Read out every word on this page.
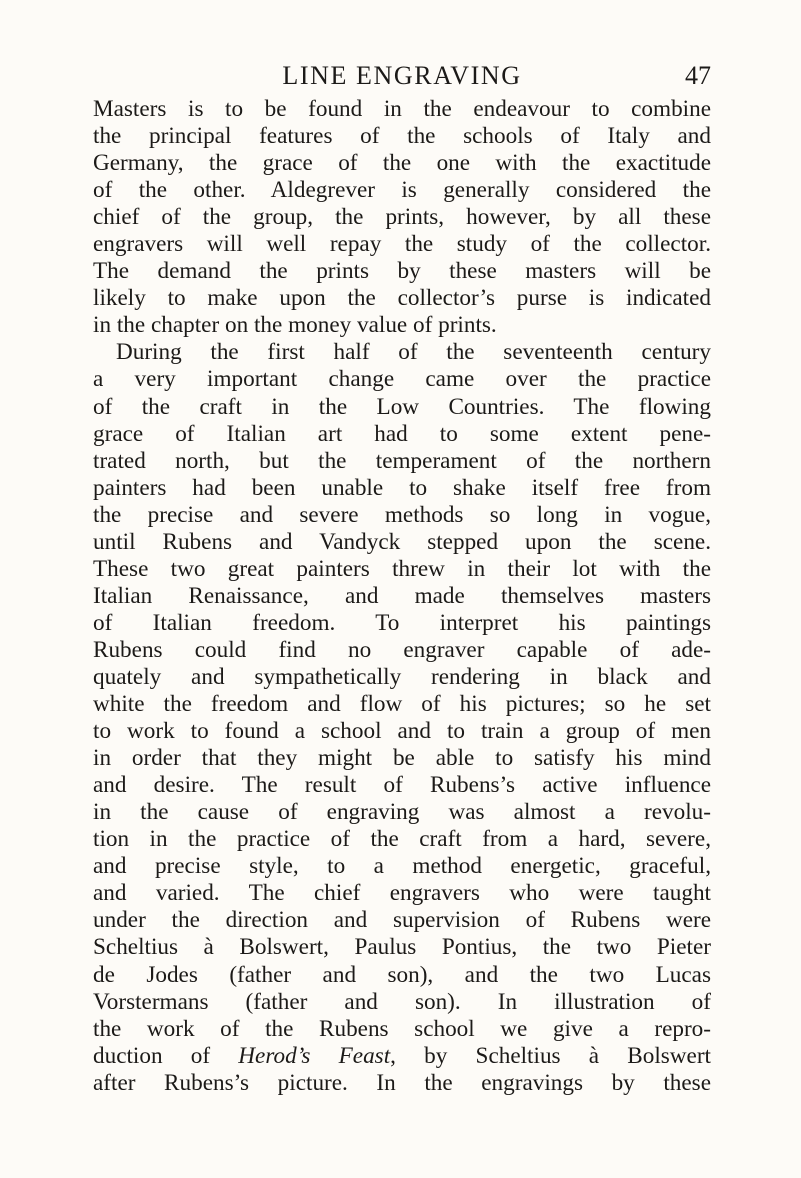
LINE ENGRAVING	47
Masters is to be found in the endeavour to combine
the principal features of the schools of Italy and
Germany, the grace of the one with the exactitude
of the other. Aldegrever is generally considered the
chief of the group, the prints, however, by all these
engravers will well repay the study of the collector.
The demand the prints by these masters will be
likely to make upon the collector’s purse is indicated
in the chapter on the money value of prints.
During the first half of the seventeenth century
a very important change came over the practice
of the craft in the Low Countries. The flowing
grace of Italian art had to some extent pene-
trated north, but the temperament of the northern
painters had been unable to shake itself free from
the precise and severe methods so long in vogue,
until Rubens and Vandyck stepped upon the scene.
These two great painters threw in their lot with the
Italian Renaissance, and made themselves masters
of Italian freedom. To interpret his paintings
Rubens could find no engraver capable of ade-
quately and sympathetically rendering in black and
white the freedom and flow of his pictures; so he set
to work to found a school and to train a group of men
in order that they might be able to satisfy his mind
and desire. The result of Rubens’s active influence
in the cause of engraving was almost a revolu-
tion in the practice of the craft from a hard, severe,
and precise style, to a method energetic, graceful,
and varied. The chief engravers who were taught
under the direction and supervision of Rubens were
Scheltius à Bolswert, Paulus Pontius, the two Pieter
de Jodes (father and son), and the two Lucas
Vorstermans (father and son). In illustration of
the work of the Rubens school we give a repro-
duction of Herod’s Feast, by Scheltius à Bolswert
after Rubens’s picture. In the engravings by these
